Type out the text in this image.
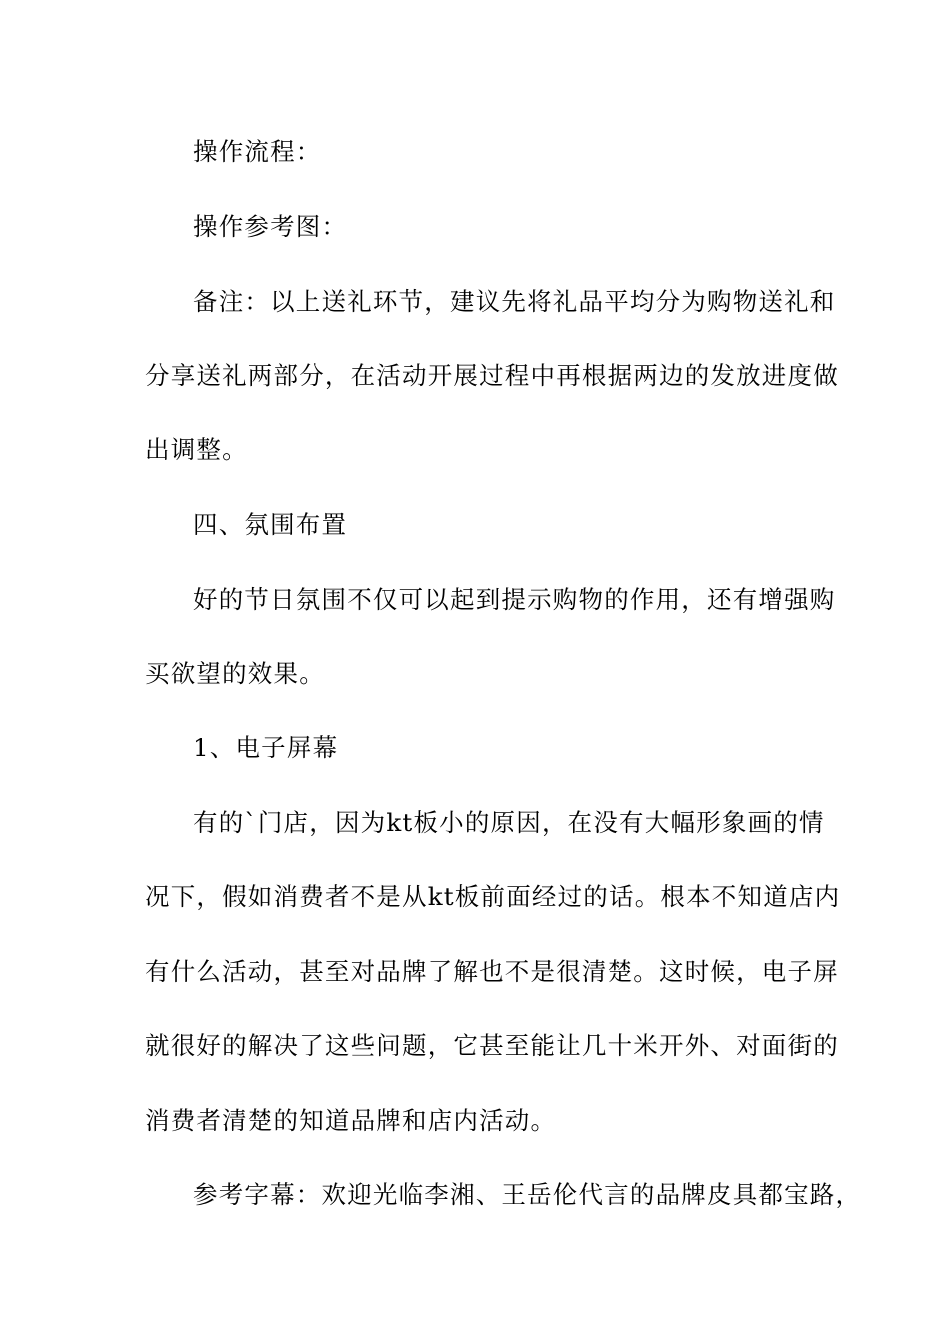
操作流程：
操作参考图：
备注：以上送礼环节，建议先将礼品平均分为购物送礼和
分享送礼两部分，在活动开展过程中再根据两边的发放进度做
出调整。
四、氛围布置
好的节日氛围不仅可以起到提示购物的作用，还有增强购
买欲望的效果。
1、电子屏幕
有的`门店，因为kt板小的原因，在没有大幅形象画的情
况下，假如消费者不是从kt板前面经过的话。根本不知道店内
有什么活动，甚至对品牌了解也不是很清楚。这时候，电子屏
就很好的解决了这些问题，它甚至能让几十米开外、对面街的
消费者清楚的知道品牌和店内活动。
参考字幕：欢迎光临李湘、王岳伦代言的品牌皮具都宝路，
